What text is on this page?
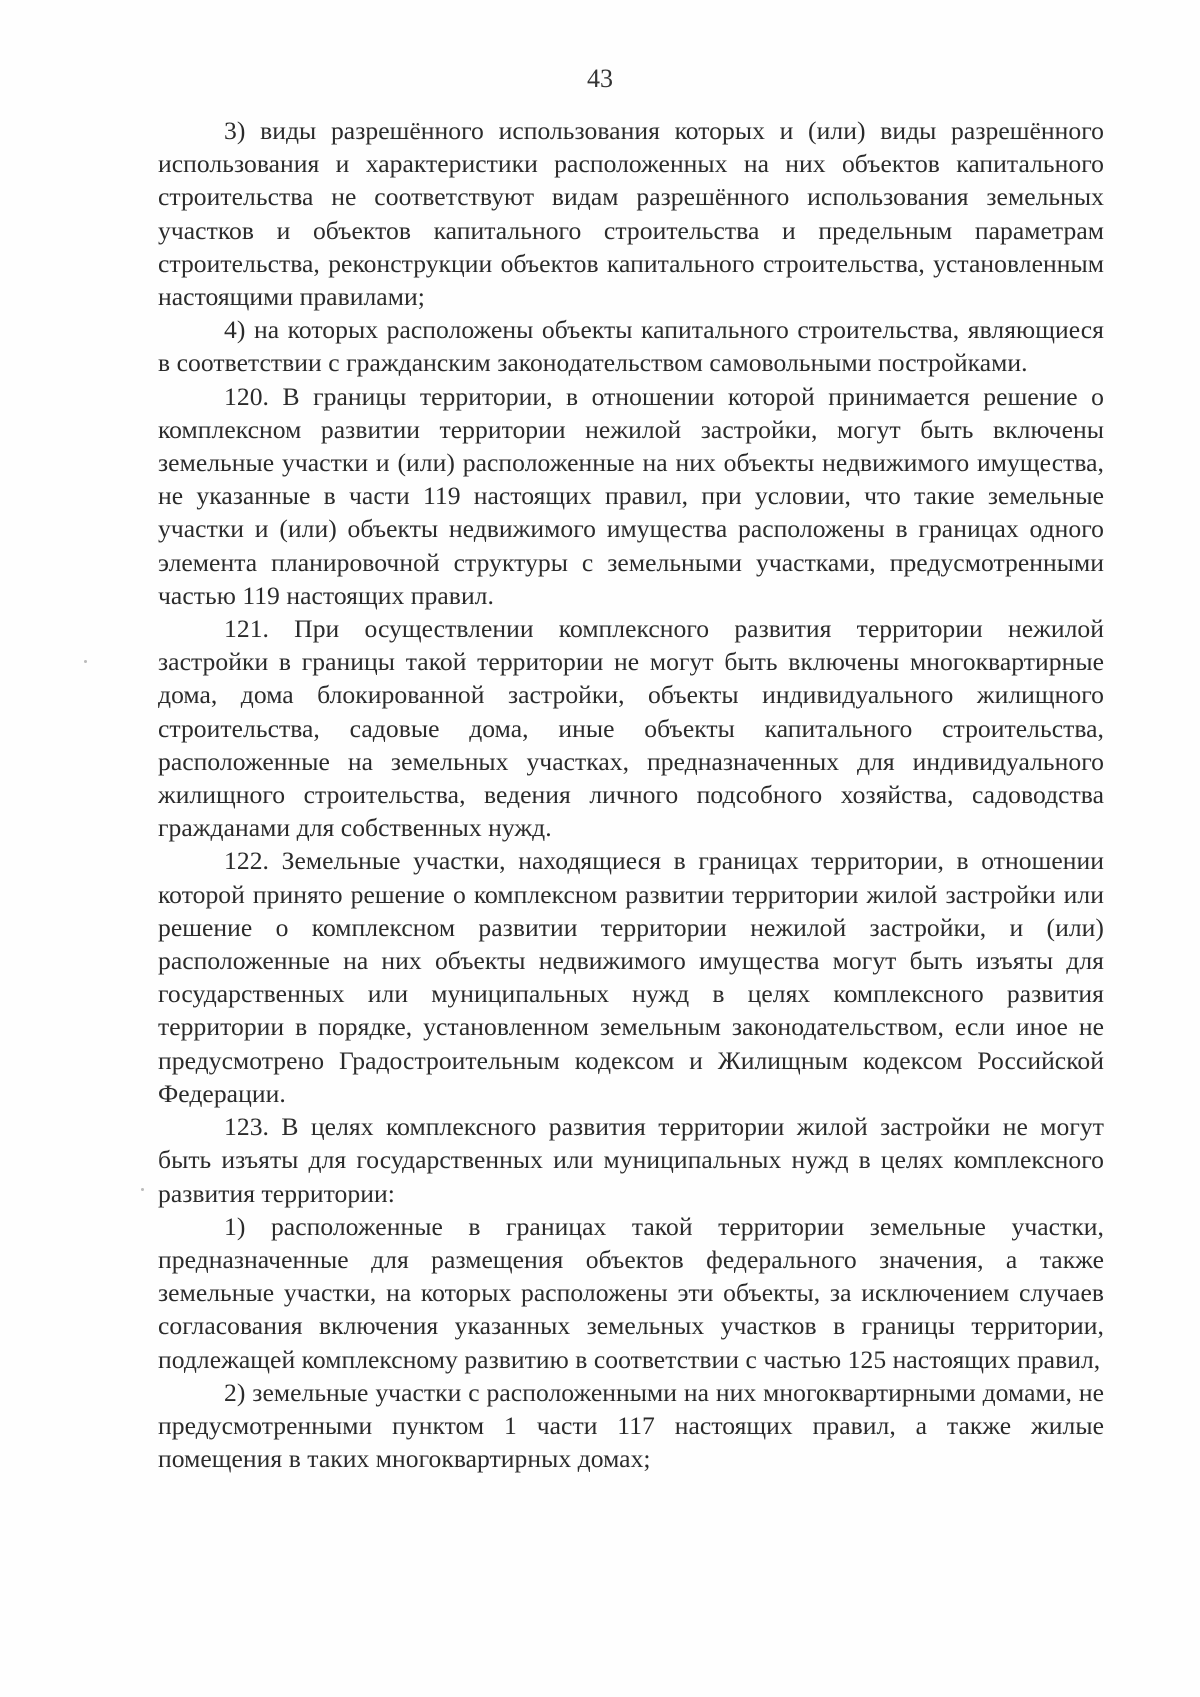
43

3) виды разрешённого использования которых и (или) виды разрешённого использования и характеристики расположенных на них объектов капитального строительства не соответствуют видам разрешённого использования земельных участков и объектов капитального строительства и предельным параметрам строительства, реконструкции объектов капитального строительства, установленным настоящими правилами;

4) на которых расположены объекты капитального строительства, являющиеся в соответствии с гражданским законодательством самовольными постройками.

120. В границы территории, в отношении которой принимается решение о комплексном развитии территории нежилой застройки, могут быть включены земельные участки и (или) расположенные на них объекты недвижимого имущества, не указанные в части 119 настоящих правил, при условии, что такие земельные участки и (или) объекты недвижимого имущества расположены в границах одного элемента планировочной структуры с земельными участками, предусмотренными частью 119 настоящих правил.

121. При осуществлении комплексного развития территории нежилой застройки в границы такой территории не могут быть включены многоквартирные дома, дома блокированной застройки, объекты индивидуального жилищного строительства, садовые дома, иные объекты капитального строительства, расположенные на земельных участках, предназначенных для индивидуального жилищного строительства, ведения личного подсобного хозяйства, садоводства гражданами для собственных нужд.

122. Земельные участки, находящиеся в границах территории, в отношении которой принято решение о комплексном развитии территории жилой застройки или решение о комплексном развитии территории нежилой застройки, и (или) расположенные на них объекты недвижимого имущества могут быть изъяты для государственных или муниципальных нужд в целях комплексного развития территории в порядке, установленном земельным законодательством, если иное не предусмотрено Градостроительным кодексом и Жилищным кодексом Российской Федерации.

123. В целях комплексного развития территории жилой застройки не могут быть изъяты для государственных или муниципальных нужд в целях комплексного развития территории:

1) расположенные в границах такой территории земельные участки, предназначенные для размещения объектов федерального значения, а также земельные участки, на которых расположены эти объекты, за исключением случаев согласования включения указанных земельных участков в границы территории, подлежащей комплексному развитию в соответствии с частью 125 настоящих правил,

2) земельные участки с расположенными на них многоквартирными домами, не предусмотренными пунктом 1 части 117 настоящих правил, а также жилые помещения в таких многоквартирных домах;
